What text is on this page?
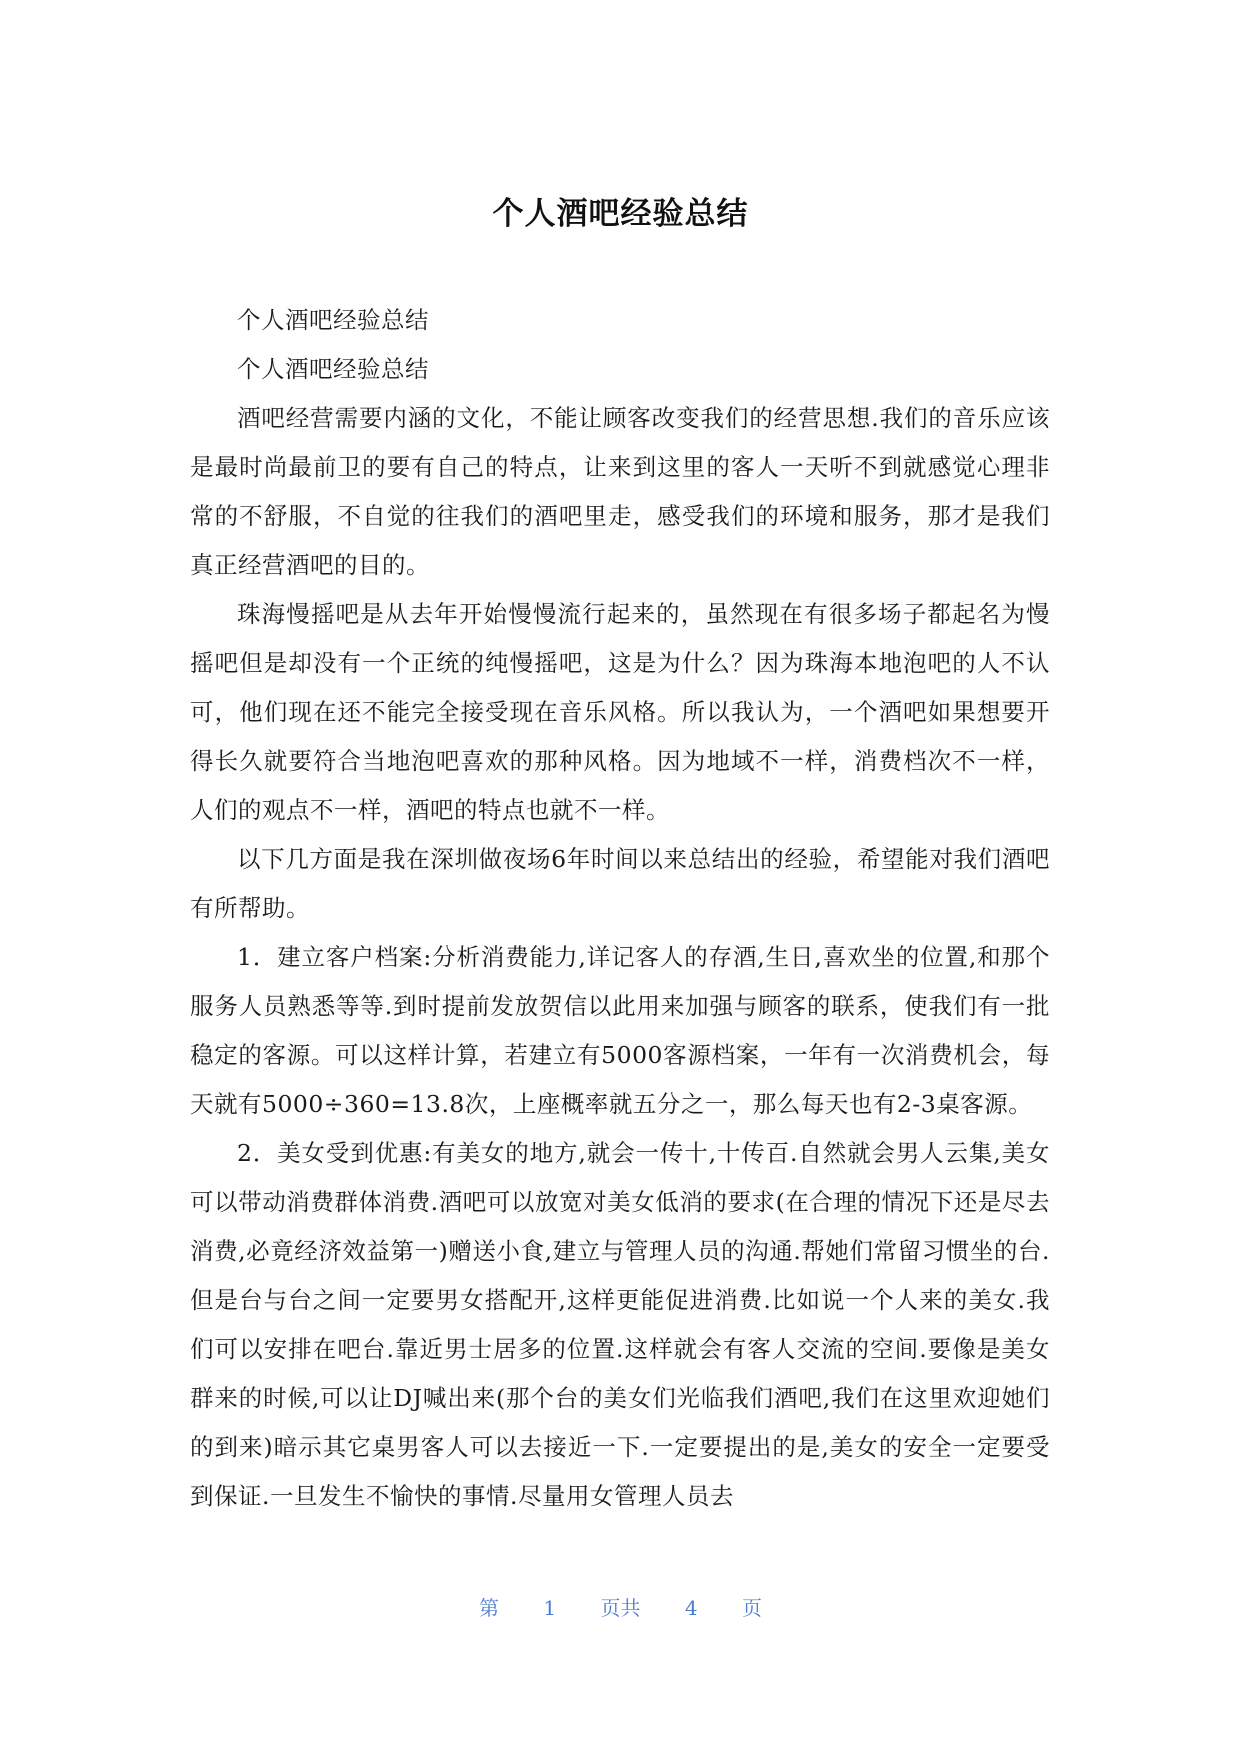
个人酒吧经验总结

个人酒吧经验总结

个人酒吧经验总结

酒吧经营需要内涵的文化，不能让顾客改变我们的经营思想.我们的音乐应该是最时尚最前卫的要有自己的特点，让来到这里的客人一天听不到就感觉心理非常的不舒服，不自觉的往我们的酒吧里走，感受我们的环境和服务，那才是我们真正经营酒吧的目的。

珠海慢摇吧是从去年开始慢慢流行起来的，虽然现在有很多场子都起名为慢摇吧但是却没有一个正统的纯慢摇吧，这是为什么？因为珠海本地泡吧的人不认可，他们现在还不能完全接受现在音乐风格。所以我认为，一个酒吧如果想要开得长久就要符合当地泡吧喜欢的那种风格。因为地域不一样，消费档次不一样，人们的观点不一样，酒吧的特点也就不一样。

以下几方面是我在深圳做夜场6年时间以来总结出的经验，希望能对我们酒吧有所帮助。

1．建立客户档案:分析消费能力,详记客人的存酒,生日,喜欢坐的位置,和那个服务人员熟悉等等.到时提前发放贺信以此用来加强与顾客的联系，使我们有一批稳定的客源。可以这样计算，若建立有5000客源档案，一年有一次消费机会，每天就有5000÷360=13.8次，上座概率就五分之一，那么每天也有2-3桌客源。

2．美女受到优惠:有美女的地方,就会一传十,十传百.自然就会男人云集,美女可以带动消费群体消费.酒吧可以放宽对美女低消的要求(在合理的情况下还是尽去消费,必竟经济效益第一)赠送小食,建立与管理人员的沟通.帮她们常留习惯坐的台.但是台与台之间一定要男女搭配开,这样更能促进消费.比如说一个人来的美女.我们可以安排在吧台.靠近男士居多的位置.这样就会有客人交流的空间.要像是美女群来的时候,可以让DJ喊出来(那个台的美女们光临我们酒吧,我们在这里欢迎她们的到来)暗示其它桌男客人可以去接近一下.一定要提出的是,美女的安全一定要受到保证.一旦发生不愉快的事情.尽量用女管理人员去

第 1 页共 4 页
